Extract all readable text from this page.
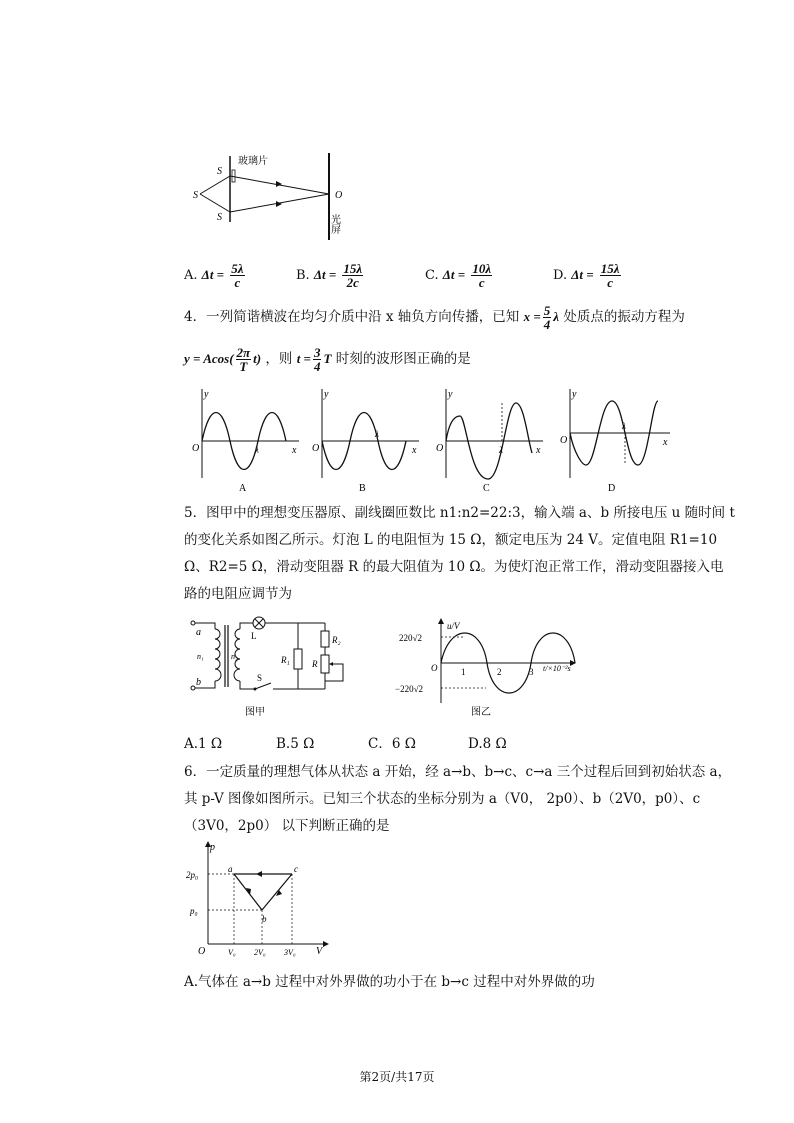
S
S
S
玻璃片
O
光屏
A. $\Delta t = \frac{5\lambda}{c}$	B. $\Delta t = \frac{15\lambda}{2c}$	C. $\Delta t = \frac{10\lambda}{c}$	D. $\Delta t = \frac{15\lambda}{c}$
4．一列简谐横波在均匀介质中沿 x 轴负方向传播，已知 $x = \frac{5}{4}$ λ 处质点的振动方程为
$y = Acos( \frac{2\pi}{T} t)$ ，则 $t = \frac{3}{4}$ T 时刻的波形图正确的是
y
O	λ	x
A
y
O
λ
x
B
y
O	λ	x
C
y
O
λ
x
D
5．图甲中的理想变压器原、副线圈匝数比 n1:n2=22:3，输入端 a、b 所接电压 u 随时间 t
的变化关系如图乙所示。灯泡 L 的电阻恒为 15 Ω，额定电压为 24 V。定值电阻 R1=10
Ω、R2=5 Ω，滑动变阻器 R 的最大阻值为 10 Ω。为使灯泡正常工作，滑动变阻器接入电
路的电阻应调节为
a
b
n₁	n₂
L
R₁
R₂
R
S
图甲
u/V
220√2
−220√2
O	1	2	3 t/×10⁻²s
图乙
A.1 Ω	B.5 Ω	C．6 Ω	D.8 Ω
6．一定质量的理想气体从状态 a 开始，经 a→b、b→c、c→a 三个过程后回到初始状态 a，
其 p-V 图像如图所示。已知三个状态的坐标分别为 a（V0， 2p0）、b（2V0，p0）、c
（3V0，2p0） 以下判断正确的是
p
V
O
2p₀
p₀
V₀ 2V₀ 3V₀
a
b
c
A.气体在 a→b 过程中对外界做的功小于在 b→c 过程中对外界做的功
第2页/共17页
